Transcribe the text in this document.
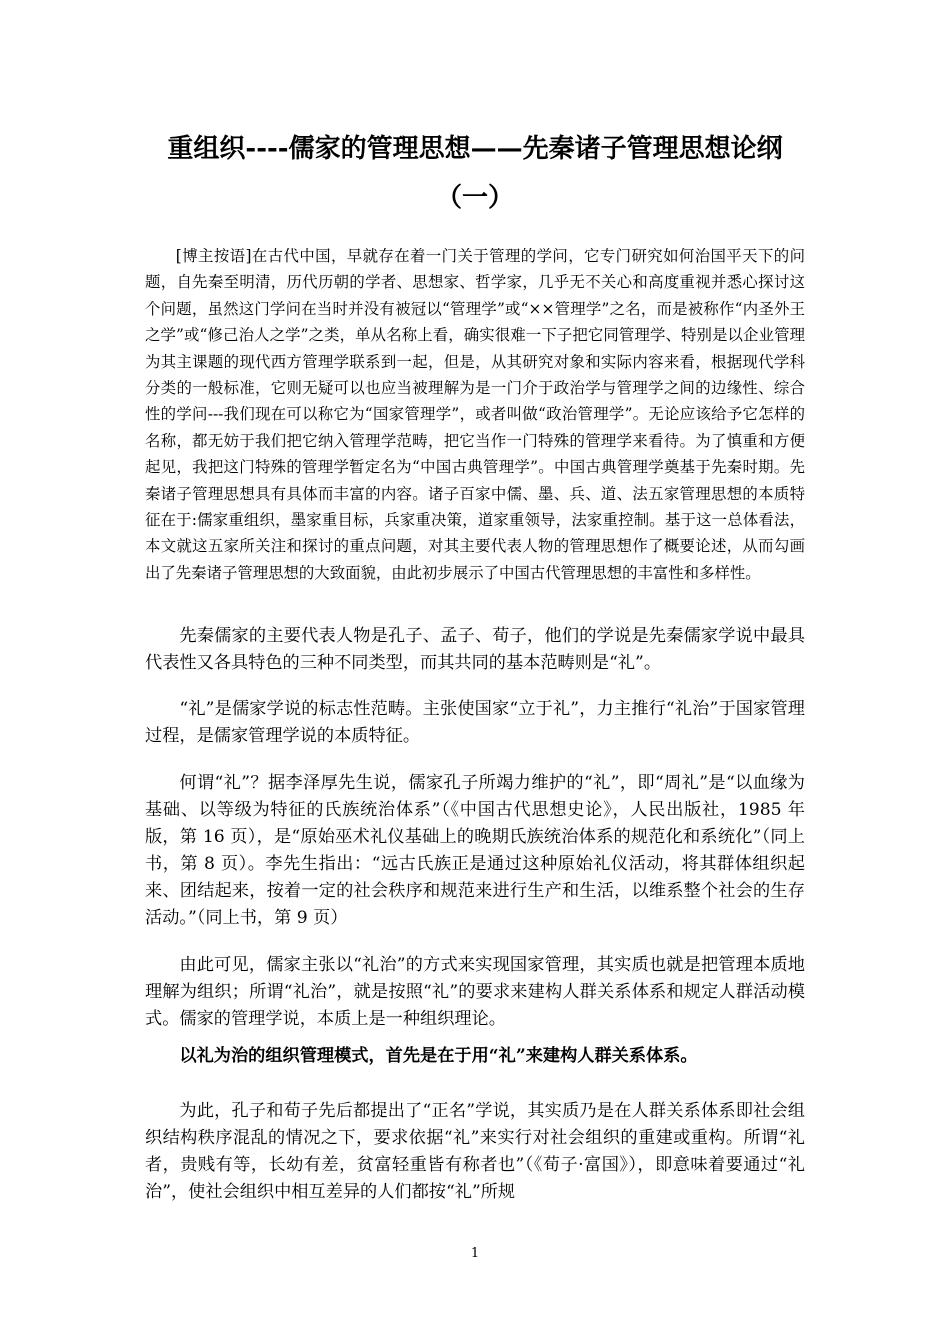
重组织----儒家的管理思想——先秦诸子管理思想论纲
（一）

[博主按语]在古代中国，早就存在着一门关于管理的学问，它专门研究如何治国平天下的问题，自先秦至明清，历代历朝的学者、思想家、哲学家，几乎无不关心和高度重视并悉心探讨这个问题，虽然这门学问在当时并没有被冠以“管理学”或“××管理学”之名，而是被称作“内圣外王之学”或“修己治人之学”之类，单从名称上看，确实很难一下子把它同管理学、特别是以企业管理为其主课题的现代西方管理学联系到一起，但是，从其研究对象和实际内容来看，根据现代学科分类的一般标准，它则无疑可以也应当被理解为是一门介于政治学与管理学之间的边缘性、综合性的学问---我们现在可以称它为“国家管理学”，或者叫做“政治管理学”。无论应该给予它怎样的名称，都无妨于我们把它纳入管理学范畴，把它当作一门特殊的管理学来看待。为了慎重和方便起见，我把这门特殊的管理学暂定名为“中国古典管理学”。中国古典管理学奠基于先秦时期。先秦诸子管理思想具有具体而丰富的内容。诸子百家中儒、墨、兵、道、法五家管理思想的本质特征在于:儒家重组织，墨家重目标，兵家重决策，道家重领导，法家重控制。基于这一总体看法，本文就这五家所关注和探讨的重点问题，对其主要代表人物的管理思想作了概要论述，从而勾画出了先秦诸子管理思想的大致面貌，由此初步展示了中国古代管理思想的丰富性和多样性。

先秦儒家的主要代表人物是孔子、孟子、荀子，他们的学说是先秦儒家学说中最具代表性又各具特色的三种不同类型，而其共同的基本范畴则是“礼”。

“礼”是儒家学说的标志性范畴。主张使国家“立于礼”，力主推行“礼治”于国家管理过程，是儒家管理学说的本质特征。

何谓“礼”？据李泽厚先生说，儒家孔子所竭力维护的“礼”，即“周礼”是“以血缘为基础、以等级为特征的氏族统治体系”（《中国古代思想史论》，人民出版社，1985 年版，第 16 页），是“原始巫术礼仪基础上的晚期氏族统治体系的规范化和系统化”（同上书，第 8 页）。李先生指出：“远古氏族正是通过这种原始礼仪活动，将其群体组织起来、团结起来，按着一定的社会秩序和规范来进行生产和生活，以维系整个社会的生存活动。”（同上书，第 9 页）

由此可见，儒家主张以“礼治”的方式来实现国家管理，其实质也就是把管理本质地理解为组织；所谓“礼治”，就是按照“礼”的要求来建构人群关系体系和规定人群活动模式。儒家的管理学说，本质上是一种组织理论。

以礼为治的组织管理模式，首先是在于用“礼”来建构人群关系体系。

为此，孔子和荀子先后都提出了“正名”学说，其实质乃是在人群关系体系即社会组织结构秩序混乱的情况之下，要求依据“礼”来实行对社会组织的重建或重构。所谓“礼者，贵贱有等，长幼有差，贫富轻重皆有称者也”（《荀子·富国》），即意味着要通过“礼治”，使社会组织中相互差异的人们都按“礼”所规

1
